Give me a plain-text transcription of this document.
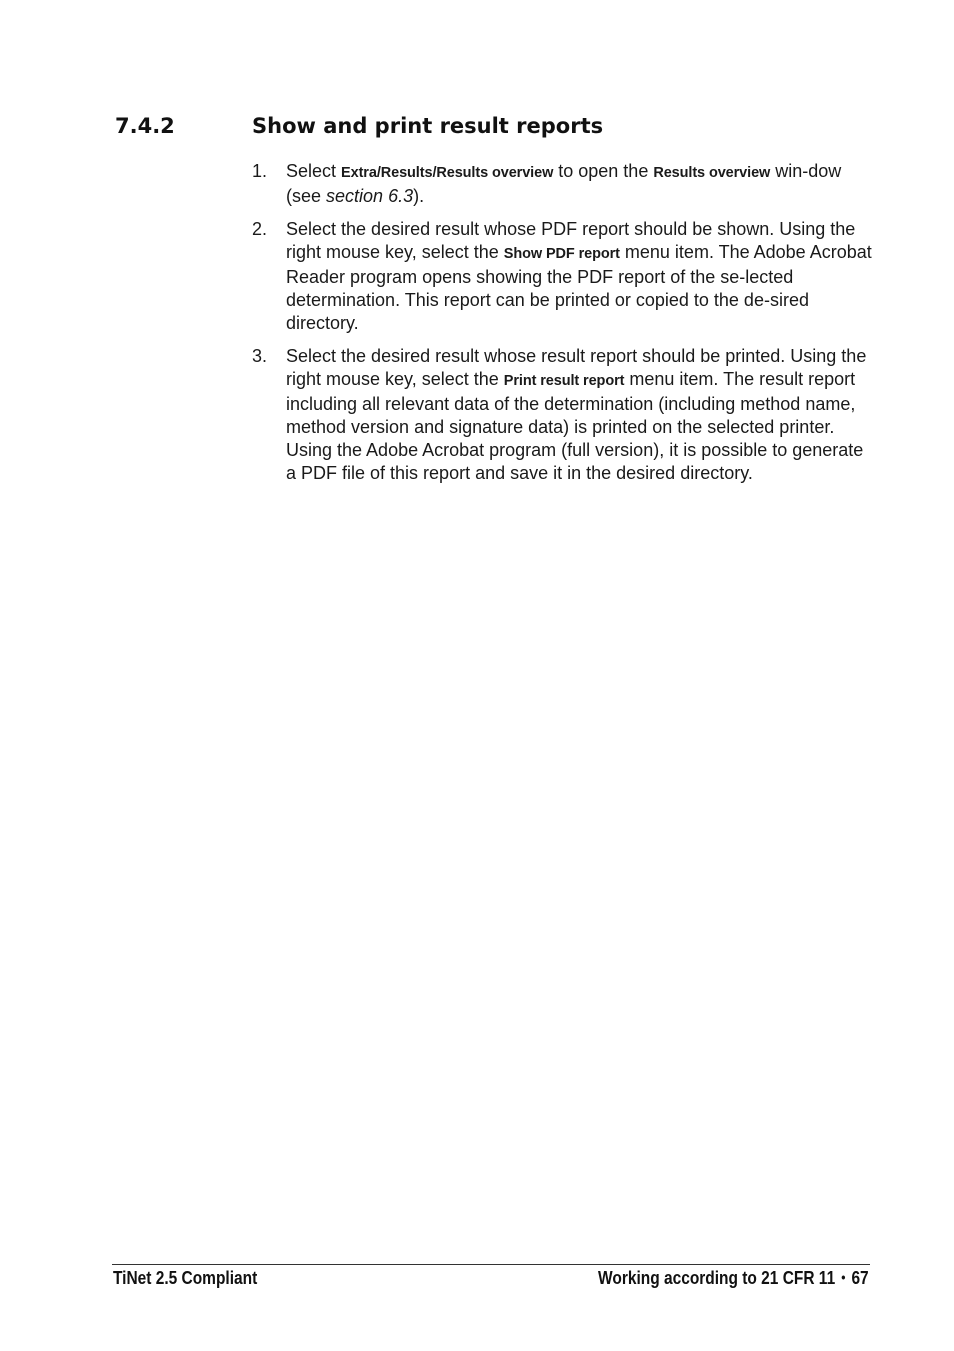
7.4.2	Show and print result reports
1. Select Extra/Results/Results overview to open the Results overview win-dow (see section 6.3).
2. Select the desired result whose PDF report should be shown. Using the right mouse key, select the Show PDF report menu item. The Adobe Acrobat Reader program opens showing the PDF report of the se-lected determination. This report can be printed or copied to the de-sired directory.
3. Select the desired result whose result report should be printed. Using the right mouse key, select the Print result report menu item. The result report including all relevant data of the determination (including method name, method version and signature data) is printed on the selected printer. Using the Adobe Acrobat program (full version), it is possible to generate a PDF file of this report and save it in the desired directory.
TiNet 2.5 Compliant	Working according to 21 CFR 11 • 67
